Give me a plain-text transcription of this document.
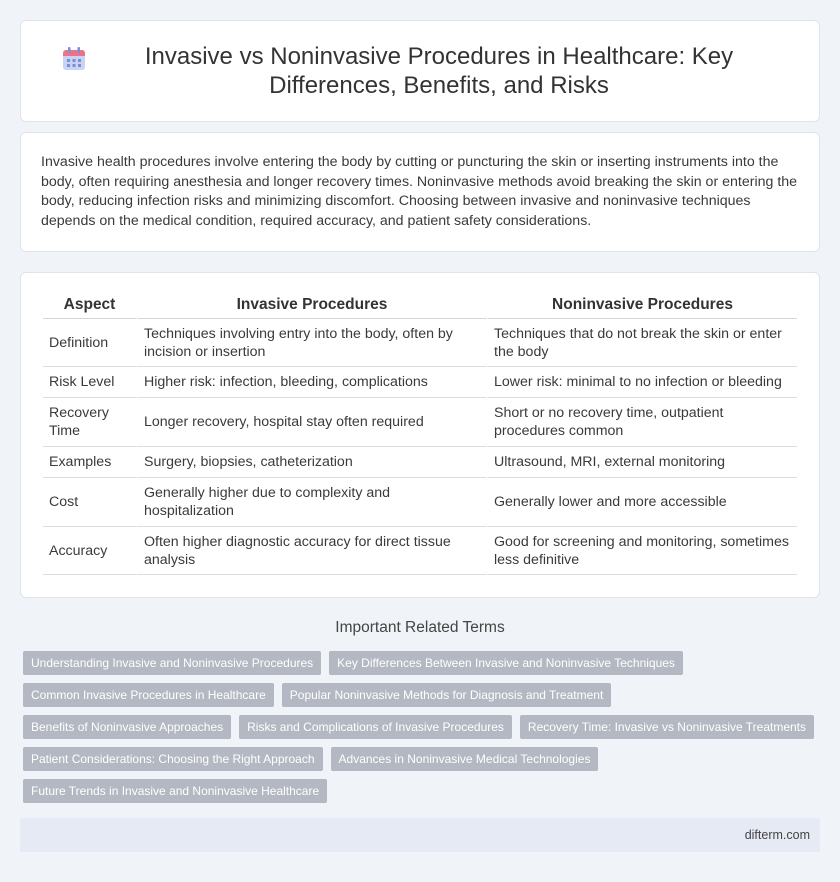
Invasive vs Noninvasive Procedures in Healthcare: Key Differences, Benefits, and Risks

Invasive health procedures involve entering the body by cutting or puncturing the skin or inserting instruments into the body, often requiring anesthesia and longer recovery times. Noninvasive methods avoid breaking the skin or entering the body, reducing infection risks and minimizing discomfort. Choosing between invasive and noninvasive techniques depends on the medical condition, required accuracy, and patient safety considerations.

Aspect	Invasive Procedures	Noninvasive Procedures
Definition	Techniques involving entry into the body, often by incision or insertion	Techniques that do not break the skin or enter the body
Risk Level	Higher risk: infection, bleeding, complications	Lower risk: minimal to no infection or bleeding
Recovery Time	Longer recovery, hospital stay often required	Short or no recovery time, outpatient procedures common
Examples	Surgery, biopsies, catheterization	Ultrasound, MRI, external monitoring
Cost	Generally higher due to complexity and hospitalization	Generally lower and more accessible
Accuracy	Often higher diagnostic accuracy for direct tissue analysis	Good for screening and monitoring, sometimes less definitive
Important Related Terms
Understanding Invasive and Noninvasive Procedures	Key Differences Between Invasive and Noninvasive Techniques
Common Invasive Procedures in Healthcare	Popular Noninvasive Methods for Diagnosis and Treatment
Benefits of Noninvasive Approaches	Risks and Complications of Invasive Procedures	Recovery Time: Invasive vs Noninvasive Treatments
Patient Considerations: Choosing the Right Approach	Advances in Noninvasive Medical Technologies
Future Trends in Invasive and Noninvasive Healthcare
difterm.com
